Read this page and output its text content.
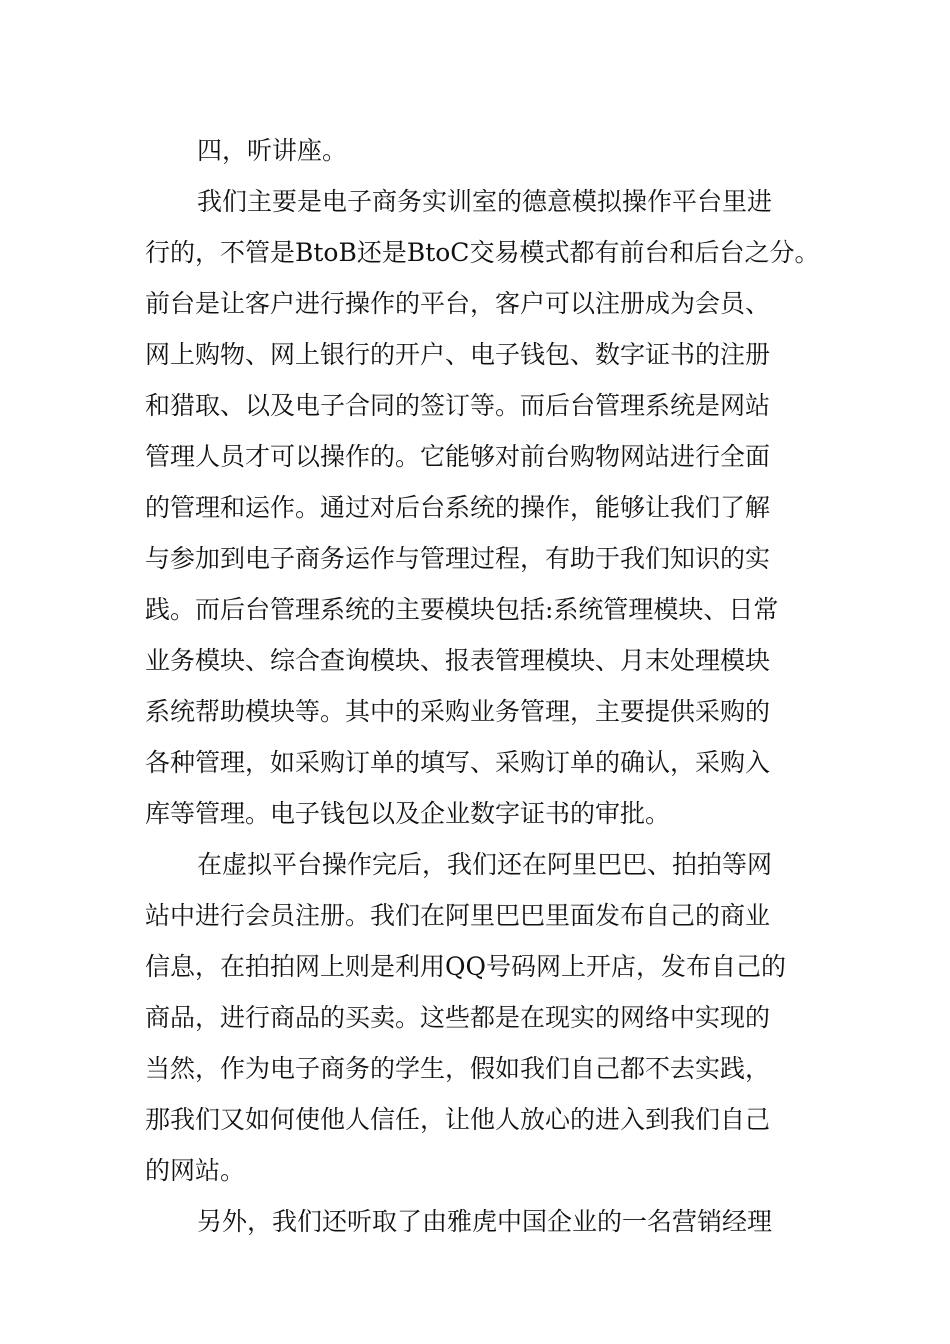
四，听讲座。
我们主要是电子商务实训室的德意模拟操作平台里进
行的，不管是BtoB还是BtoC交易模式都有前台和后台之分。
前台是让客户进行操作的平台，客户可以注册成为会员、
网上购物、网上银行的开户、电子钱包、数字证书的注册
和猎取、以及电子合同的签订等。而后台管理系统是网站
管理人员才可以操作的。它能够对前台购物网站进行全面
的管理和运作。通过对后台系统的操作，能够让我们了解
与参加到电子商务运作与管理过程，有助于我们知识的实
践。而后台管理系统的主要模块包括:系统管理模块、日常
业务模块、综合查询模块、报表管理模块、月末处理模块
系统帮助模块等。其中的采购业务管理，主要提供采购的
各种管理，如采购订单的填写、采购订单的确认，采购入
库等管理。电子钱包以及企业数字证书的审批。
在虚拟平台操作完后，我们还在阿里巴巴、拍拍等网
站中进行会员注册。我们在阿里巴巴里面发布自己的商业
信息，在拍拍网上则是利用QQ号码网上开店，发布自己的
商品，进行商品的买卖。这些都是在现实的网络中实现的
当然，作为电子商务的学生，假如我们自己都不去实践，
那我们又如何使他人信任，让他人放心的进入到我们自己
的网站。
另外，我们还听取了由雅虎中国企业的一名营销经理
